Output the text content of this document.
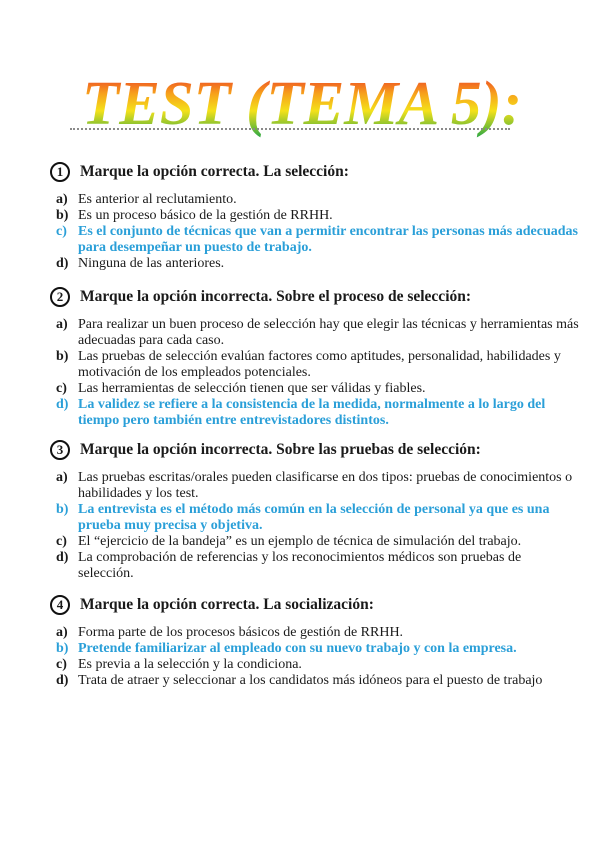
TEST (TEMA 5):
1	Marque la opción correcta. La selección:
a) Es anterior al reclutamiento.
b) Es un proceso básico de la gestión de RRHH.
c) Es el conjunto de técnicas que van a permitir encontrar las personas más adecuadas para desempeñar un puesto de trabajo.
d) Ninguna de las anteriores.
2	Marque la opción incorrecta. Sobre el proceso de selección:
a) Para realizar un buen proceso de selección hay que elegir las técnicas y herramientas más adecuadas para cada caso.
b) Las pruebas de selección evalúan factores como aptitudes, personalidad, habilidades y motivación de los empleados potenciales.
c) Las herramientas de selección tienen que ser válidas y fiables.
d) La validez se refiere a la consistencia de la medida, normalmente a lo largo del tiempo pero también entre entrevistadores distintos.
3	Marque la opción incorrecta. Sobre las pruebas de selección:
a) Las pruebas escritas/orales pueden clasificarse en dos tipos: pruebas de conocimientos o habilidades y los test.
b) La entrevista es el método más común en la selección de personal ya que es una prueba muy precisa y objetiva.
c) El “ejercicio de la bandeja” es un ejemplo de técnica de simulación del trabajo.
d) La comprobación de referencias y los reconocimientos médicos son pruebas de selección.
4	Marque la opción correcta. La socialización:
a) Forma parte de los procesos básicos de gestión de RRHH.
b) Pretende familiarizar al empleado con su nuevo trabajo y con la empresa.
c) Es previa a la selección y la condiciona.
d) Trata de atraer y seleccionar a los candidatos más idóneos para el puesto de trabajo
